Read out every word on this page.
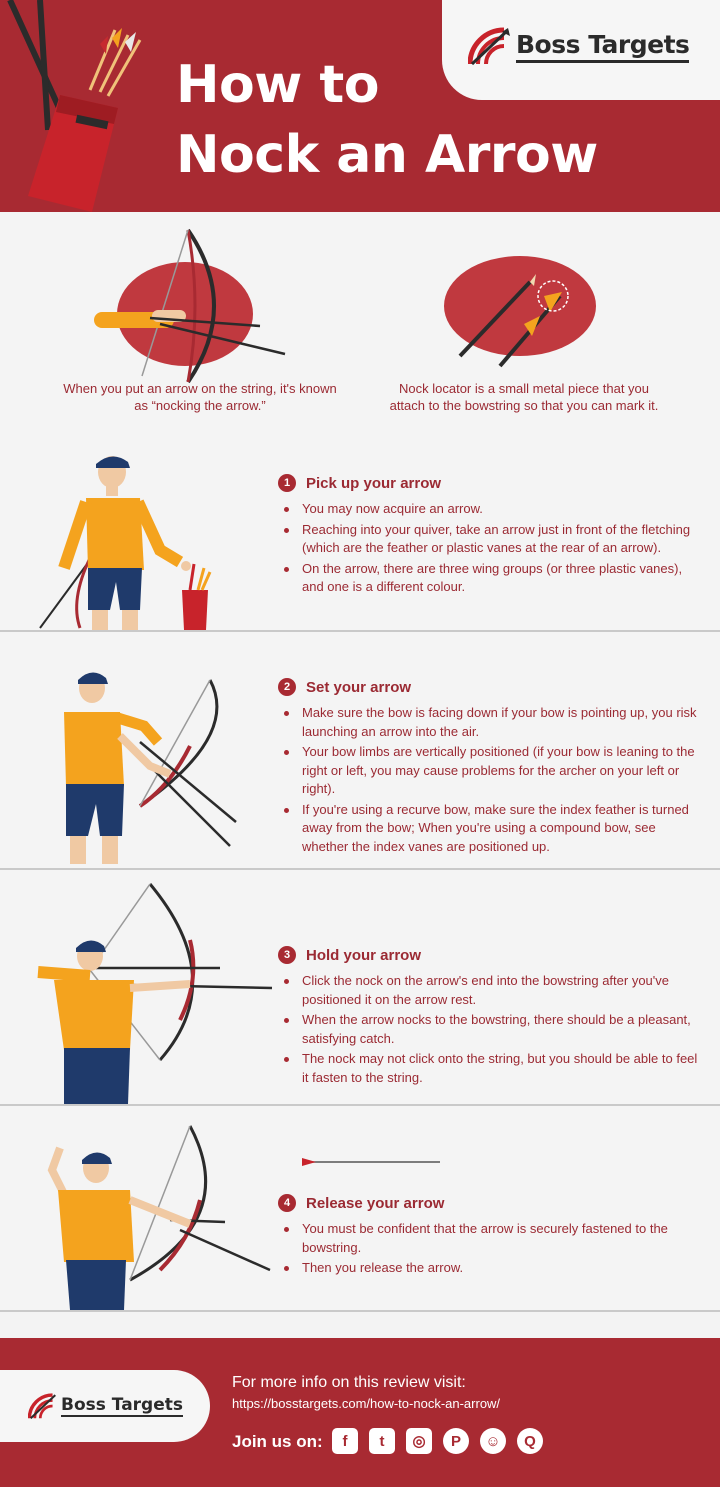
How to
Nock an Arrow
Boss Targets
When you put an arrow on the string, it's known as “nocking the arrow.”
Nock locator is a small metal piece that you attach to the bowstring so that you can mark it.
1	Pick up your arrow
You may now acquire an arrow.
Reaching into your quiver, take an arrow just in front of the fletching (which are the feather or plastic vanes at the rear of an arrow).
On the arrow, there are three wing groups (or three plastic vanes), and one is a different colour.
2	Set your arrow
Make sure the bow is facing down if your bow is pointing up, you risk launching an arrow into the air.
Your bow limbs are vertically positioned (if your bow is leaning to the right or left, you may cause problems for the archer on your left or right).
If you're using a recurve bow, make sure the index feather is turned away from the bow; When you're using a compound bow, see whether the index vanes are positioned up.
3	Hold your arrow
Click the nock on the arrow's end into the bowstring after you've positioned it on the arrow rest.
When the arrow nocks to the bowstring, there should be a pleasant, satisfying catch.
The nock may not click onto the string, but you should be able to feel it fasten to the string.
4	Release your arrow
You must be confident that the arrow is securely fastened to the bowstring.
Then you release the arrow.
Boss Targets
For more info on this review visit:
https://bosstargets.com/how-to-nock-an-arrow/
Join us on:	f	t	◎	P	☺	Q
